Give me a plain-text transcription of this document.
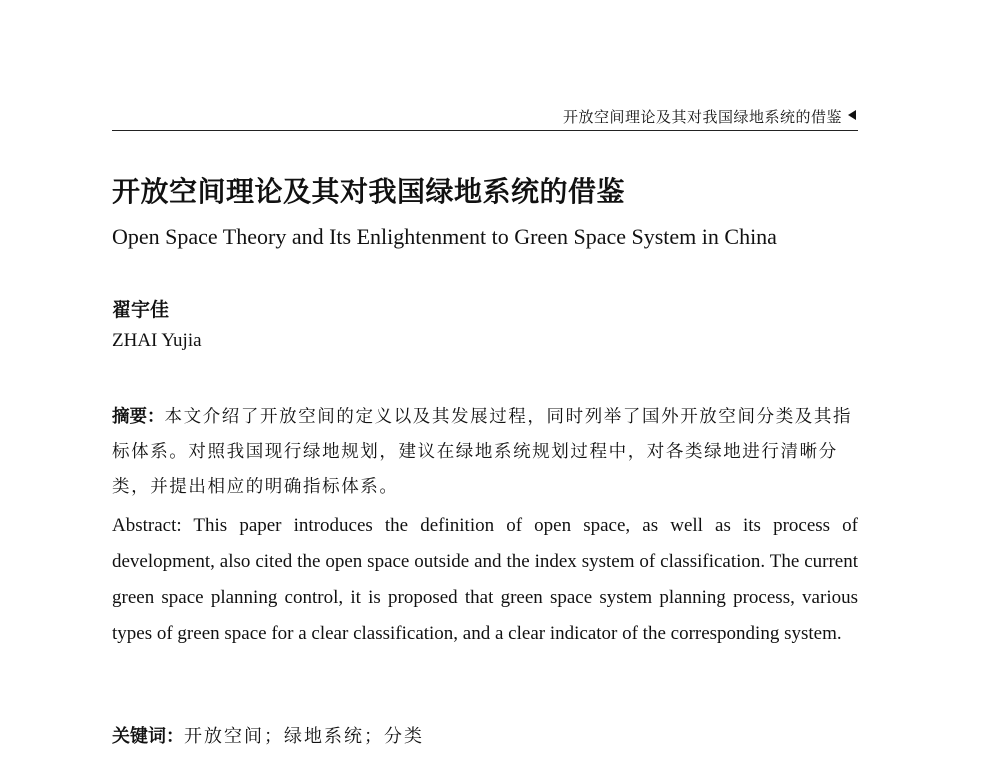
开放空间理论及其对我国绿地系统的借鉴
开放空间理论及其对我国绿地系统的借鉴
Open Space Theory and Its Enlightenment to Green Space System in China
翟宇佳
ZHAI Yujia
摘要：本文介绍了开放空间的定义以及其发展过程，同时列举了国外开放空间分类及其指标体系。对照我国现行绿地规划，建议在绿地系统规划过程中，对各类绿地进行清晰分类，并提出相应的明确指标体系。
Abstract: This paper introduces the definition of open space, as well as its process of development, also cited the open space outside and the index system of classification. The current green space planning control, it is proposed that green space system planning process, various types of green space for a clear classification, and a clear indicator of the corresponding system.
关键词：开放空间；绿地系统；分类
